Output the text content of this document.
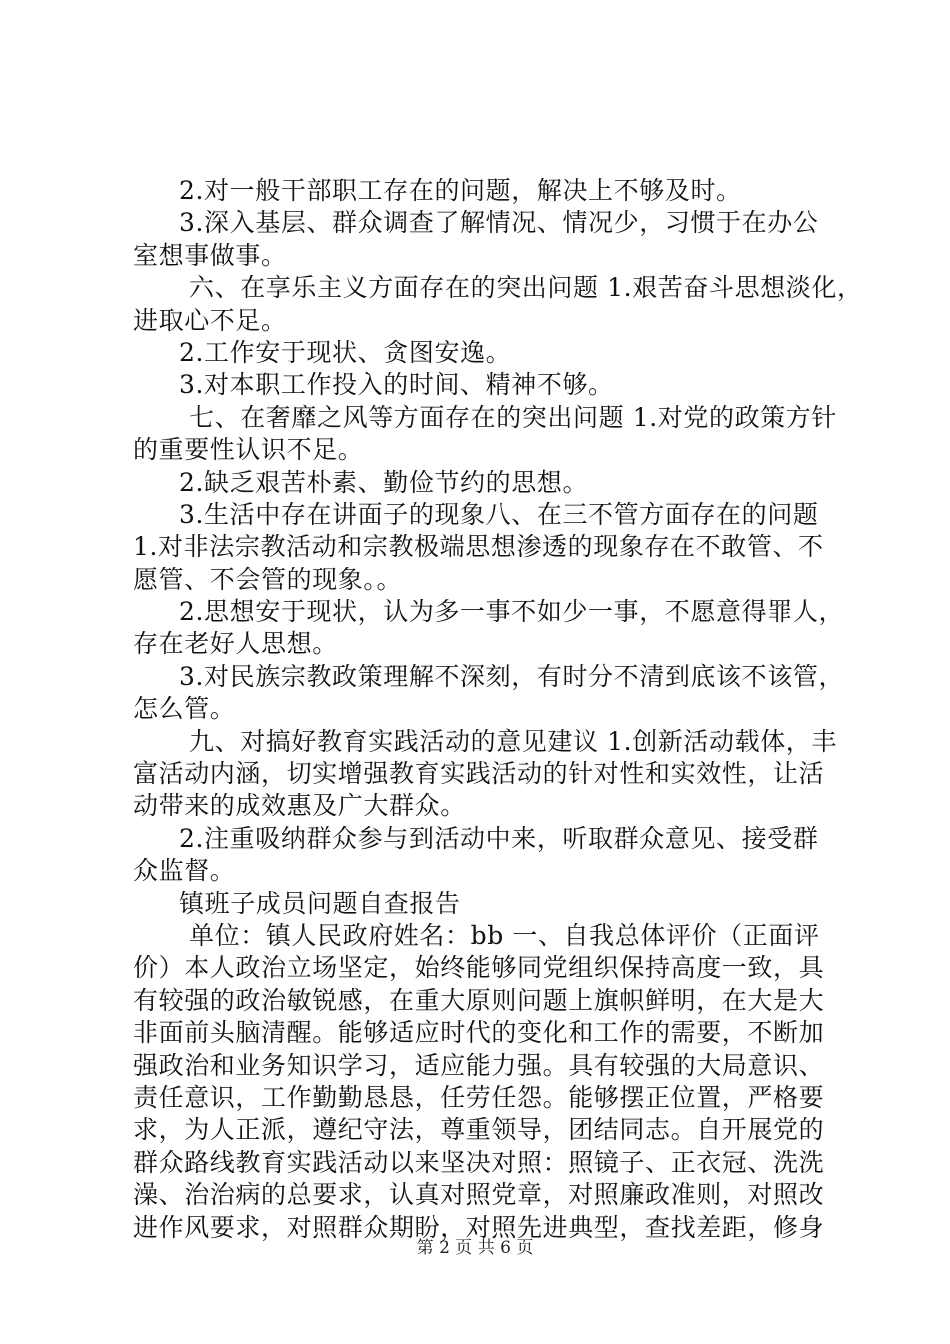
2.对一般干部职工存在的问题，解决上不够及时。
3.深入基层、群众调查了解情况、情况少，习惯于在办公
室想事做事。
六、在享乐主义方面存在的突出问题 1.艰苦奋斗思想淡化，
进取心不足。
2.工作安于现状、贪图安逸。
3.对本职工作投入的时间、精神不够。
七、在奢靡之风等方面存在的突出问题 1.对党的政策方针
的重要性认识不足。
2.缺乏艰苦朴素、勤俭节约的思想。
3.生活中存在讲面子的现象八、在三不管方面存在的问题
1.对非法宗教活动和宗教极端思想渗透的现象存在不敢管、不
愿管、不会管的现象。。
2.思想安于现状，认为多一事不如少一事，不愿意得罪人，
存在老好人思想。
3.对民族宗教政策理解不深刻，有时分不清到底该不该管，
怎么管。
九、对搞好教育实践活动的意见建议 1.创新活动载体，丰
富活动内涵，切实增强教育实践活动的针对性和实效性，让活
动带来的成效惠及广大群众。
2.注重吸纳群众参与到活动中来，听取群众意见、接受群
众监督。
镇班子成员问题自查报告
单位：镇人民政府姓名：bb 一、自我总体评价（正面评
价）本人政治立场坚定，始终能够同党组织保持高度一致，具
有较强的政治敏锐感，在重大原则问题上旗帜鲜明，在大是大
非面前头脑清醒。能够适应时代的变化和工作的需要，不断加
强政治和业务知识学习，适应能力强。具有较强的大局意识、
责任意识，工作勤勤恳恳，任劳任怨。能够摆正位置，严格要
求，为人正派，遵纪守法，尊重领导，团结同志。自开展党的
群众路线教育实践活动以来坚决对照：照镜子、正衣冠、洗洗
澡、治治病的总要求，认真对照党章，对照廉政准则，对照改
进作风要求，对照群众期盼，对照先进典型，查找差距，修身
第 2 页 共 6 页
